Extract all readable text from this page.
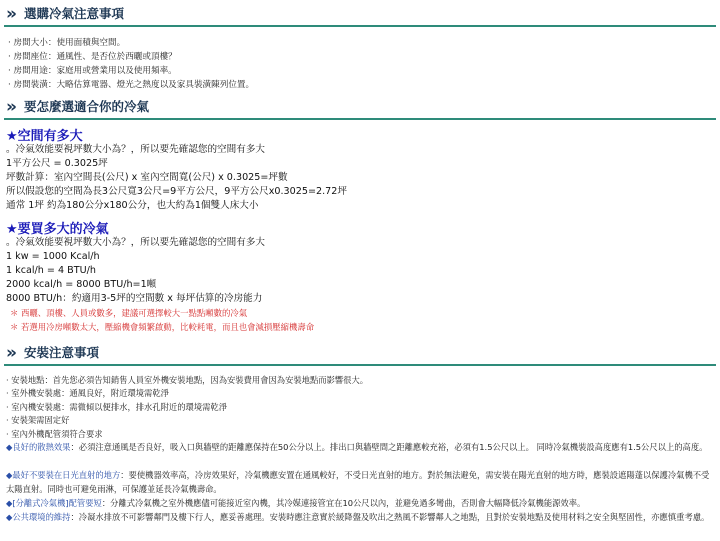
» 選購冷氣注意事項
· 房間大小：使用面積與空間。
· 房間座位：通風性、是否位於西曬或頂樓？
· 房間用途：家庭用或營業用以及使用頻率。
· 房間裝潢：大略估算電器、燈光之熱度以及家具裝潢陳列位置。
» 要怎麼選適合你的冷氣
★空間有多大
。冷氣效能要視坪數大小為？，所以要先確認您的空間有多大
1平方公尺 = 0.3025坪
坪數計算：室內空間長(公尺) x 室內空間寬(公尺) x 0.3025=坪數
所以假設您的空間為長3公尺寬3公尺=9平方公尺，9平方公尺x0.3025=2.72坪
通常 1坪 約為180公分x180公分，也大約為1個雙人床大小
★要買多大的冷氣
。冷氣效能要視坪數大小為？，所以要先確認您的空間有多大
1 kw = 1000 Kcal/h
1 kcal/h = 4 BTU/h
2000 kcal/h = 8000 BTU/h=1噸
8000 BTU/h：約適用3-5坪的空間數 x 每坪估算的冷房能力
＊ 西曬、頂樓、人員或數多，建議可選擇較大一點點噸數的冷氣
＊ 若選用冷房噸數太大，壓縮機會頻繁啟動，比較耗電，而且也會減損壓縮機壽命
» 安裝注意事項
· 安裝地點：首先您必須告知銷售人員室外機安裝地點，因為安裝費用會因為安裝地點而影響很大。
· 室外機安裝處：通風良好，附近環境需乾淨
· 室內機安裝處：需微傾以便排水，排水孔附近的環境需乾淨
· 安裝架需固定好
· 室內外機配管須符合要求
◆良好的散熱效果：必須注意通風是否良好，吸入口與牆壁的距離應保持在50公分以上。排出口與牆壁間之距離應較充裕，必須有1.5公尺以上。 同時冷氣機裝設高度應有1.5公尺以上的高度。
◆最好不要裝在日光直射的地方：要使機器效率高，冷房效果好，冷氣機應安置在通風較好，不受日光直射的地方。對於無法避免，需安裝在陽光直射的地方時，應裝設遮陽蓬以保護冷氣機不受太陽直射。同時也可避免雨淋，可保護並延長冷氣機壽命。
◆[分離式冷氣機]配管要短：分離式冷氣機之室外機應儘可能接近室內機，其冷媒連接管宜在10公尺以內，並避免過多彎曲，否則會大幅降低冷氣機能源效率。
◆公共環境的維持：冷凝水排放不可影響鄰門及樓下行人，應妥善處理。安裝時應注意實於緩降盤及吹出之熱風不影響鄰人之地點，且對於安裝地點及使用材料之安全與堅固性，亦應慎重考慮。
